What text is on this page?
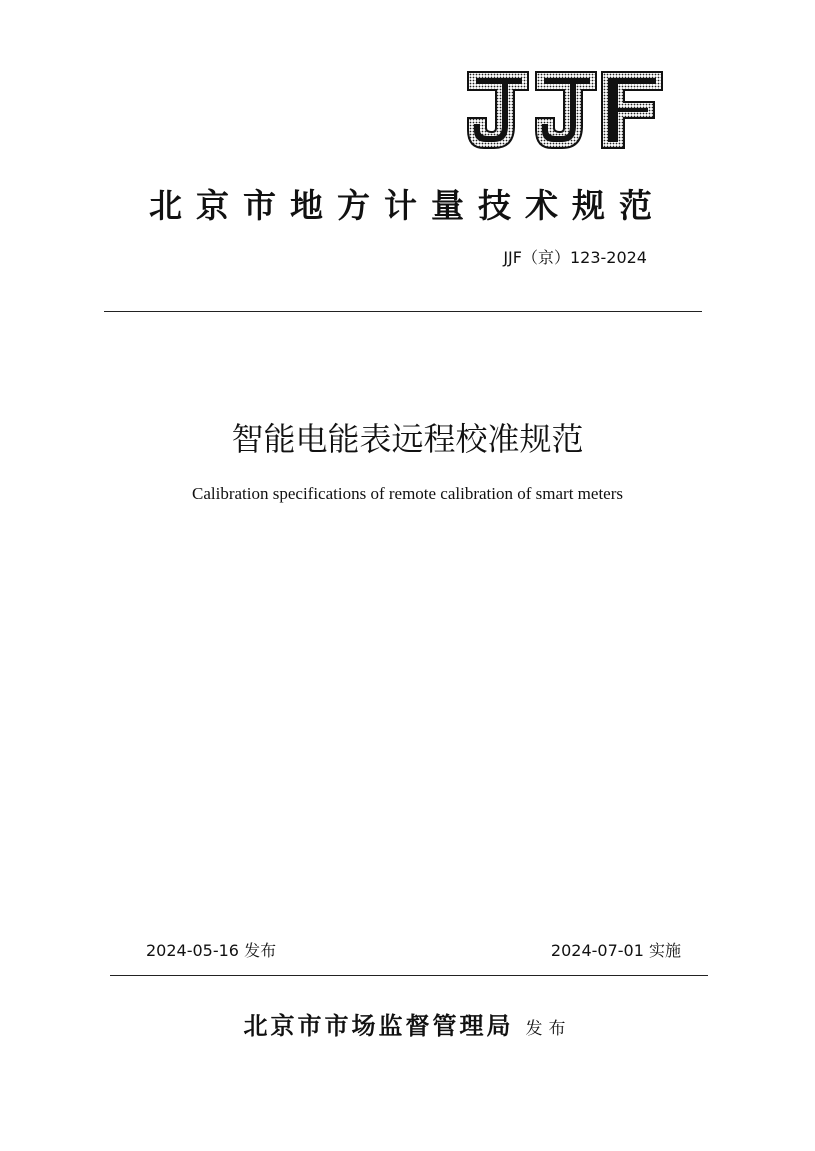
北京市地方计量技术规范
JJF（京）123-2024
智能电能表远程校准规范
Calibration specifications of remote calibration of smart meters
2024-05-16 发布	2024-07-01 实施
北京市市场监督管理局 发布
